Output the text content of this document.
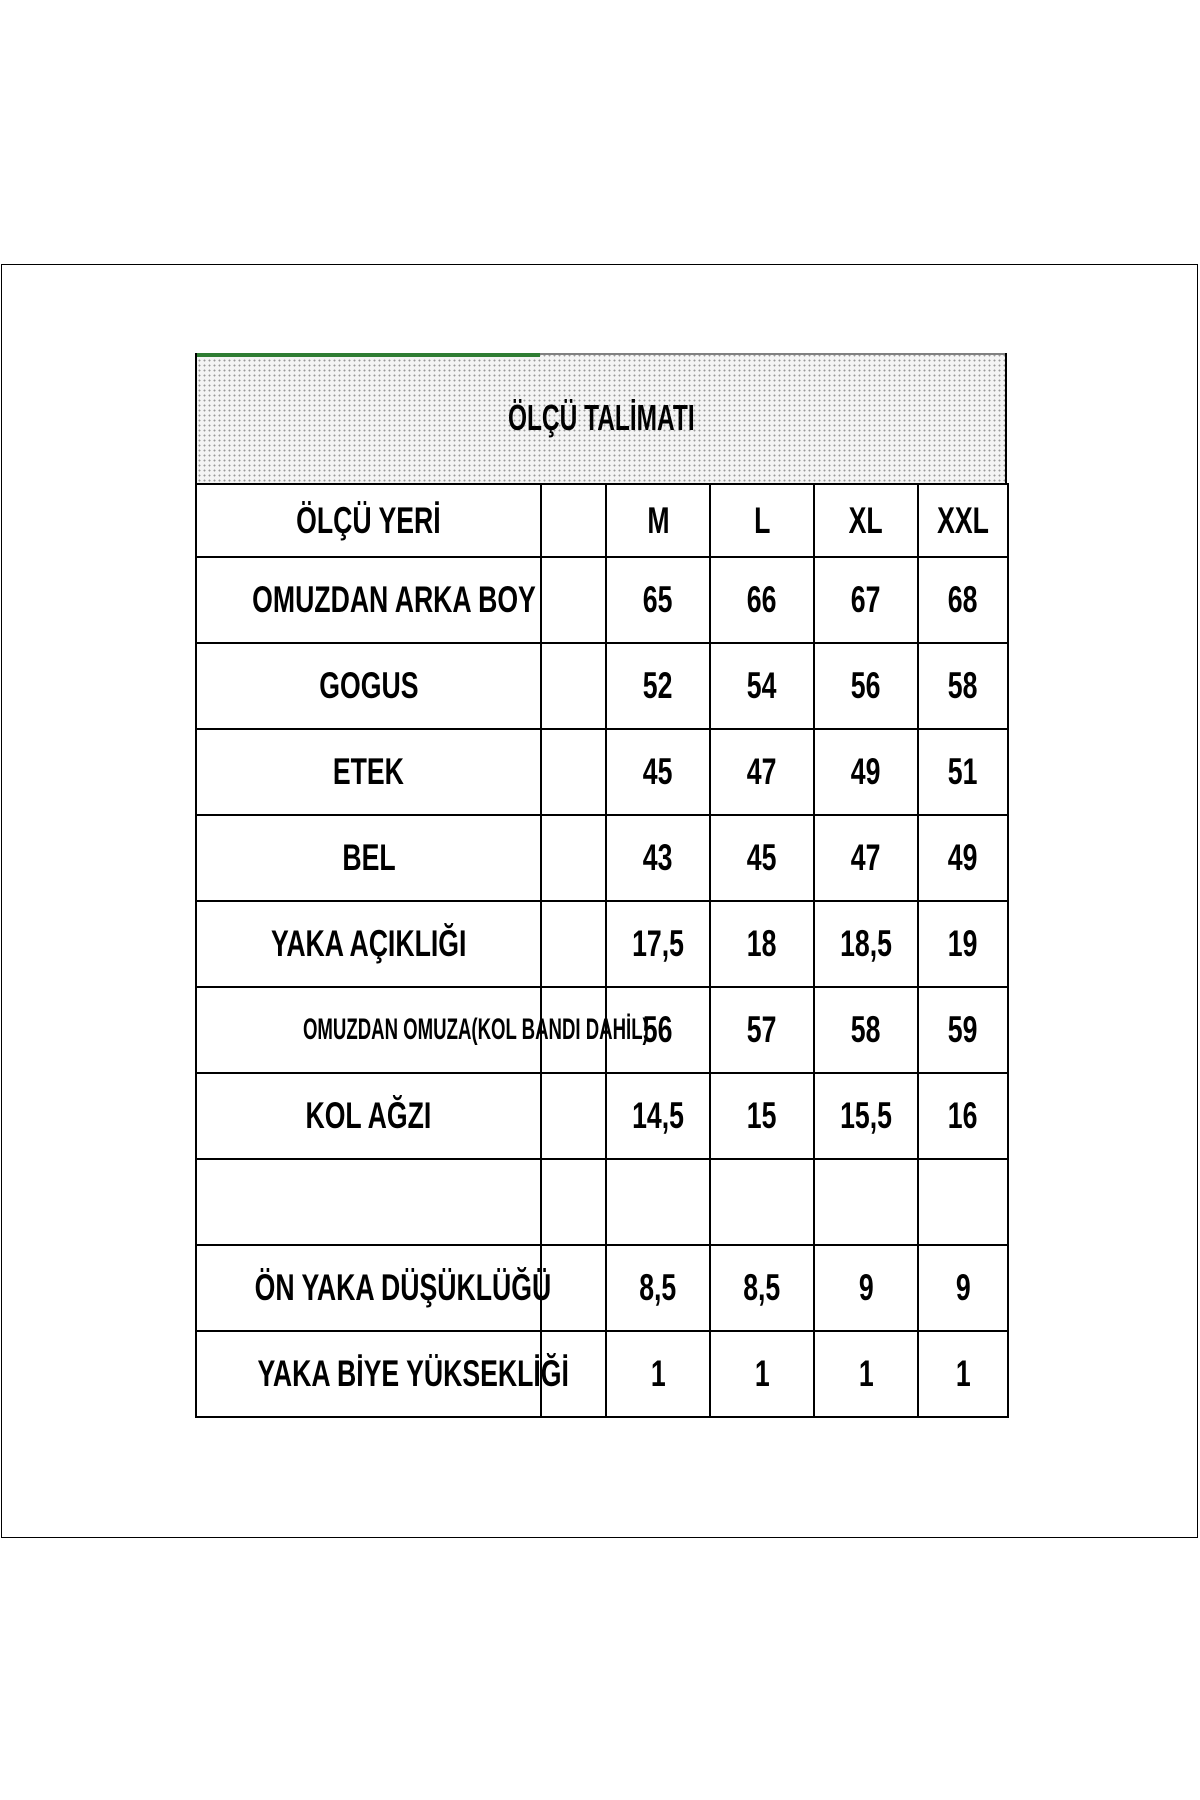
ÖLÇÜ TALİMATI
ÖLÇÜ YERİ		M	L	XL	XXL
OMUZDAN ARKA BOY		65	66	67	68
GOGUS		52	54	56	58
ETEK		45	47	49	51
BEL		43	45	47	49
YAKA AÇIKLIĞI		17,5	18	18,5	19
OMUZDAN OMUZA(KOL BANDI DAHİL)		56	57	58	59
KOL AĞZI		14,5	15	15,5	16

ÖN YAKA DÜŞÜKLÜĞÜ		8,5	8,5	9	9
YAKA BİYE YÜKSEKLİĞİ		1	1	1	1
